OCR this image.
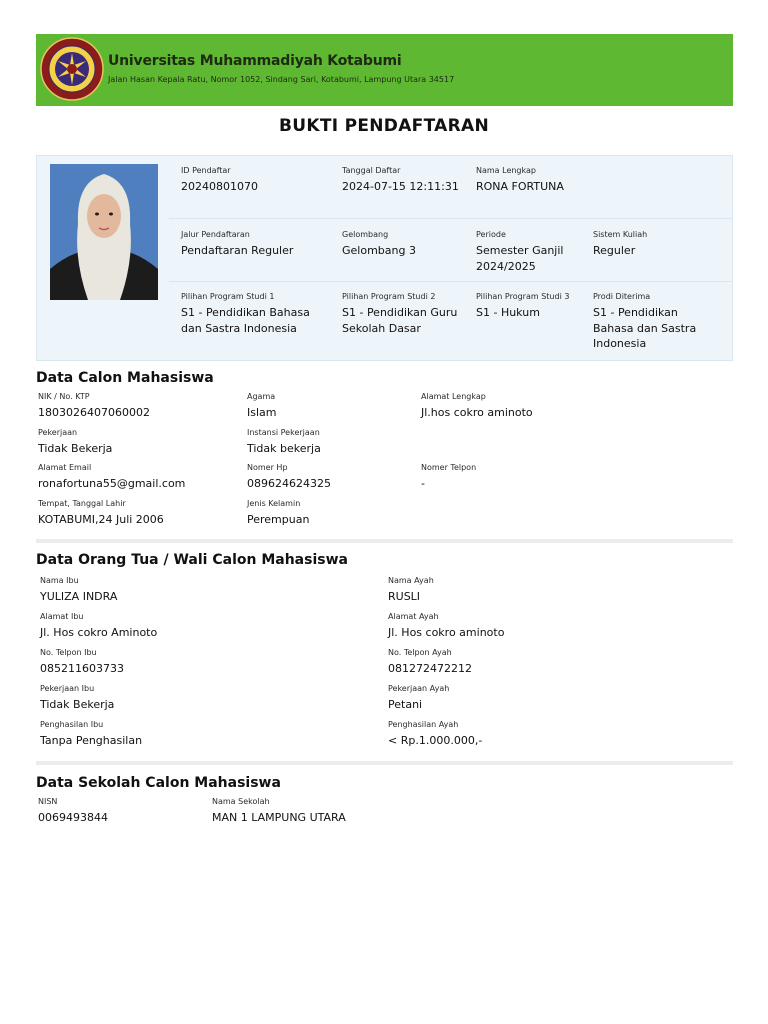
Universitas Muhammadiyah Kotabumi
Jalan Hasan Kepala Ratu, Nomor 1052, Sindang Sari, Kotabumi, Lampung Utara 34517
BUKTI PENDAFTARAN
ID Pendaftar
20240801070
Tanggal Daftar
2024-07-15 12:11:31
Nama Lengkap
RONA FORTUNA
Jalur Pendaftaran
Pendaftaran Reguler
Gelombang
Gelombang 3
Periode
Semester Ganjil 2024/2025
Sistem Kuliah
Reguler
Pilihan Program Studi 1
S1 - Pendidikan Bahasa dan Sastra Indonesia
Pilihan Program Studi 2
S1 - Pendidikan Guru Sekolah Dasar
Pilihan Program Studi 3
S1 - Hukum
Prodi Diterima
S1 - Pendidikan Bahasa dan Sastra Indonesia
Data Calon Mahasiswa
NIK / No. KTP
1803026407060002
Agama
Islam
Alamat Lengkap
Jl.hos cokro aminoto
Pekerjaan
Tidak Bekerja
Instansi Pekerjaan
Tidak bekerja
Alamat Email
ronafortuna55@gmail.com
Nomer Hp
089624624325
Nomer Telpon
-
Tempat, Tanggal Lahir
KOTABUMI,24 Juli 2006
Jenis Kelamin
Perempuan
Data Orang Tua / Wali Calon Mahasiswa
Nama Ibu
YULIZA INDRA
Nama Ayah
RUSLI
Alamat Ibu
Jl. Hos cokro Aminoto
Alamat Ayah
Jl. Hos cokro aminoto
No. Telpon Ibu
085211603733
No. Telpon Ayah
081272472212
Pekerjaan Ibu
Tidak Bekerja
Pekerjaan Ayah
Petani
Penghasilan Ibu
Tanpa Penghasilan
Penghasilan Ayah
< Rp.1.000.000,-
Data Sekolah Calon Mahasiswa
NISN
0069493844
Nama Sekolah
MAN 1 LAMPUNG UTARA
